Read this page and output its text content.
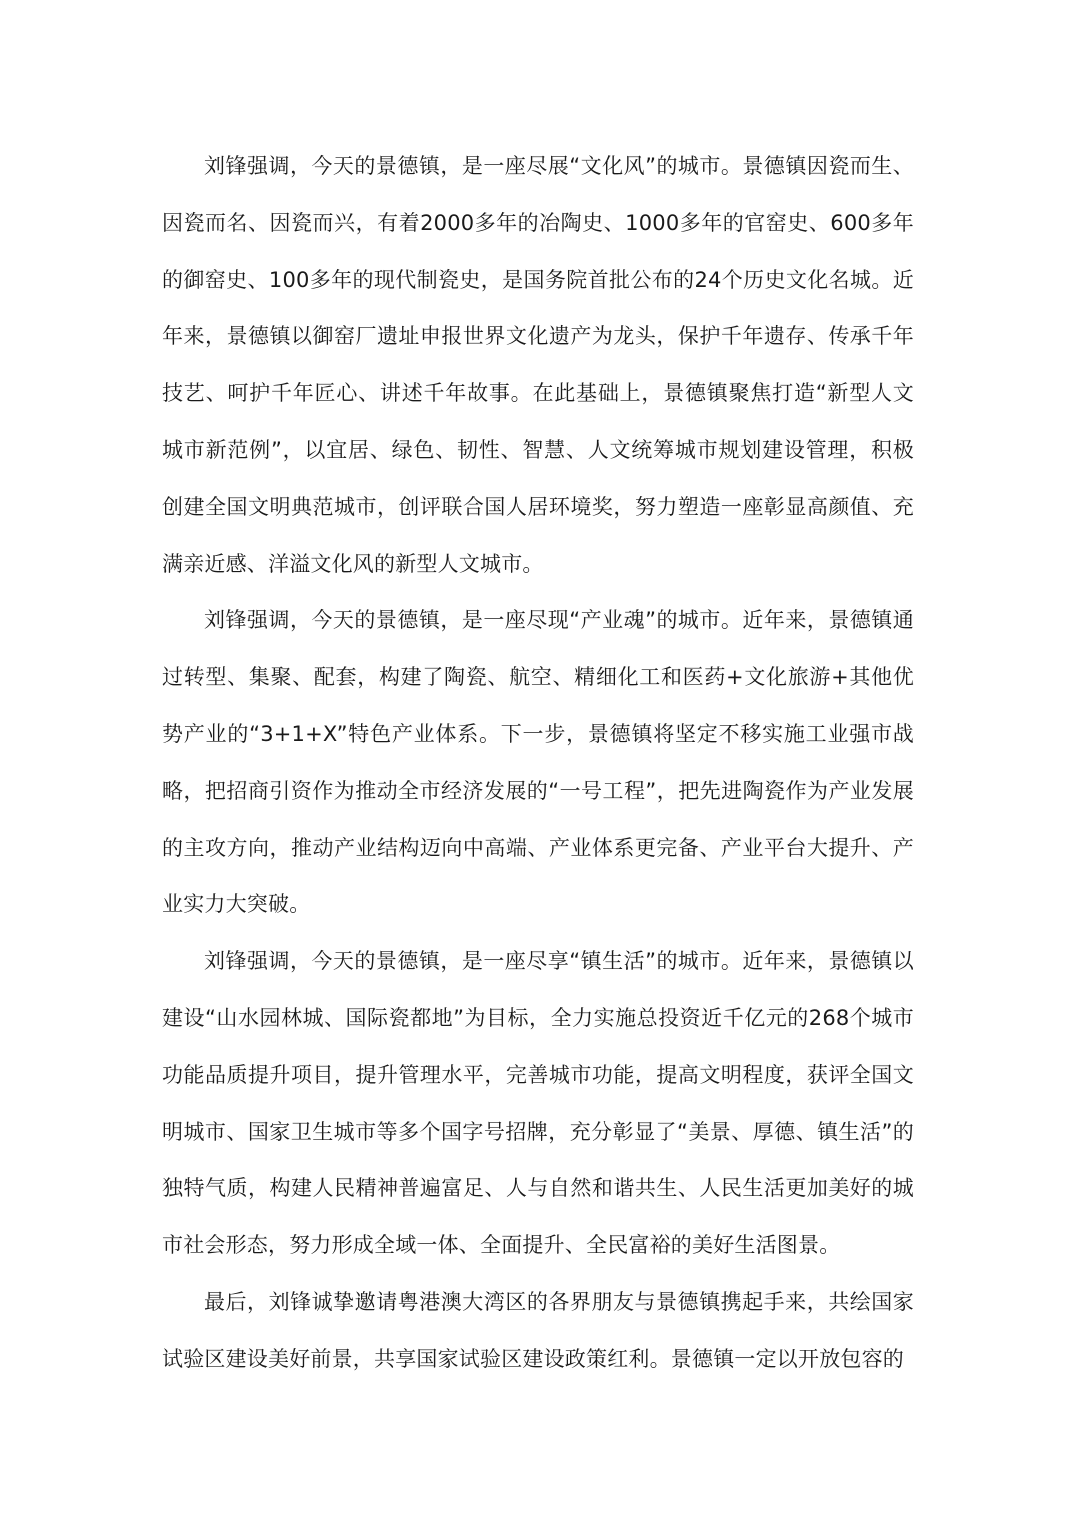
刘锋强调，今天的景德镇，是一座尽展“文化风”的城市。景德镇因瓷而生、因瓷而名、因瓷而兴，有着2000多年的冶陶史、1000多年的官窑史、600多年的御窑史、100多年的现代制瓷史，是国务院首批公布的24个历史文化名城。近年来，景德镇以御窑厂遗址申报世界文化遗产为龙头，保护千年遗存、传承千年技艺、呵护千年匠心、讲述千年故事。在此基础上，景德镇聚焦打造“新型人文城市新范例”，以宜居、绿色、韧性、智慧、人文统筹城市规划建设管理，积极创建全国文明典范城市，创评联合国人居环境奖，努力塑造一座彰显高颜值、充满亲近感、洋溢文化风的新型人文城市。

刘锋强调，今天的景德镇，是一座尽现“产业魂”的城市。近年来，景德镇通过转型、集聚、配套，构建了陶瓷、航空、精细化工和医药+文化旅游+其他优势产业的“3+1+X”特色产业体系。下一步，景德镇将坚定不移实施工业强市战略，把招商引资作为推动全市经济发展的“一号工程”，把先进陶瓷作为产业发展的主攻方向，推动产业结构迈向中高端、产业体系更完备、产业平台大提升、产业实力大突破。

刘锋强调，今天的景德镇，是一座尽享“镇生活”的城市。近年来，景德镇以建设“山水园林城、国际瓷都地”为目标，全力实施总投资近千亿元的268个城市功能品质提升项目，提升管理水平，完善城市功能，提高文明程度，获评全国文明城市、国家卫生城市等多个国字号招牌，充分彰显了“美景、厚德、镇生活”的独特气质，构建人民精神普遍富足、人与自然和谐共生、人民生活更加美好的城市社会形态，努力形成全域一体、全面提升、全民富裕的美好生活图景。

最后，刘锋诚挚邀请粤港澳大湾区的各界朋友与景德镇携起手来，共绘国家试验区建设美好前景，共享国家试验区建设政策红利。景德镇一定以开放包容的
